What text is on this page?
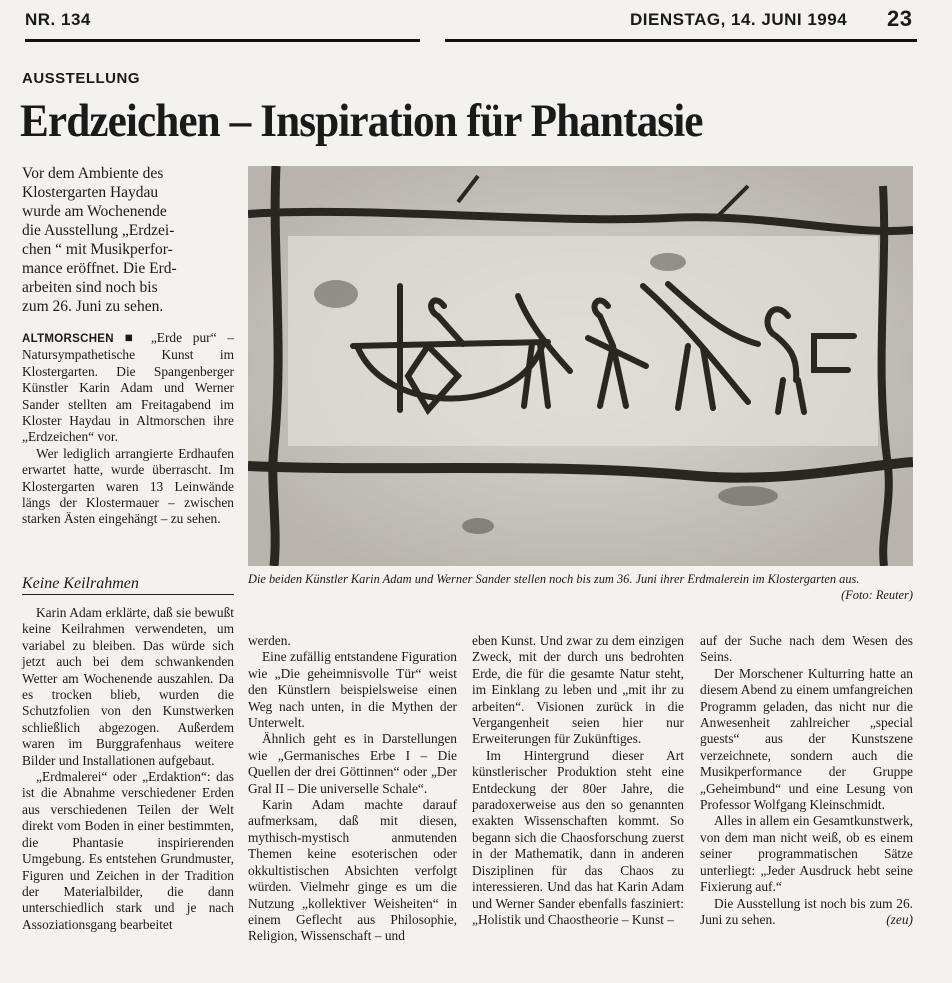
NR. 134	DIENSTAG, 14. JUNI 1994 23
AUSSTELLUNG
Erdzeichen – Inspiration für Phantasie
Vor dem Ambiente des
Klostergarten Haydau
wurde am Wochenende
die Ausstellung „Erdzei-
chen “ mit Musikperfor-
mance eröffnet. Die Erd-
arbeiten sind noch bis
zum 26. Juni zu sehen.

ALTMORSCHEN ■ „Erde pur“ – Natursympathetische Kunst im Klostergarten. Die Spangenberger Künstler Karin Adam und Werner Sander stellten am Freitagabend im Kloster Haydau in Altmorschen ihre „Erdzeichen“ vor.

Wer lediglich arrangierte Erdhaufen erwartet hatte, wurde überrascht. Im Klostergarten waren 13 Leinwände längs der Klostermauer – zwischen starken Ästen eingehängt – zu sehen.

Die beiden Künstler Karin Adam und Werner Sander stellen noch bis zum 36. Juni ihrer Erdmalerein im Klostergarten aus.
(Foto: Reuter)
Keine Keilrahmen

Karin Adam erklärte, daß sie bewußt keine Keilrahmen verwendeten, um variabel zu bleiben. Das würde sich jetzt auch bei dem schwankenden Wetter am Wochenende auszahlen. Da es trocken blieb, wurden die Schutzfolien von den Kunstwerken schließlich abgezogen. Außerdem waren im Burggrafenhaus weitere Bilder und Installationen aufgebaut.

„Erdmalerei“ oder „Erdaktion“: das ist die Abnahme verschiedener Erden aus verschiedenen Teilen der Welt direkt vom Boden in einer bestimmten, die Phantasie inspirierenden Umgebung. Es entstehen Grundmuster, Figuren und Zeichen in der Tradition der Materialbilder, die dann unterschiedlich stark und je nach Assoziationsgang bearbeitet

werden.

Eine zufällig entstandene Figuration wie „Die geheimnisvolle Tür“ weist den Künstlern beispielsweise einen Weg nach unten, in die Mythen der Unterwelt.

Ähnlich geht es in Darstellungen wie „Germanisches Erbe I – Die Quellen der drei Göttinnen“ oder „Der Gral II – Die universelle Schale“.

Karin Adam machte darauf aufmerksam, daß mit diesen, mythisch-mystisch anmutenden Themen keine esoterischen oder okkultistischen Absichten verfolgt würden. Vielmehr ginge es um die Nutzung „kollektiver Weisheiten“ in einem Geflecht aus Philosophie, Religion, Wissenschaft – und

eben Kunst. Und zwar zu dem einzigen Zweck, mit der durch uns bedrohten Erde, die für die gesamte Natur steht, im Einklang zu leben und „mit ihr zu arbeiten“. Visionen zurück in die Vergangenheit seien hier nur Erweiterungen für Zukünftiges.

Im Hintergrund dieser Art künstlerischer Produktion steht eine Entdeckung der 80er Jahre, die paradoxerweise aus den so genannten exakten Wissenschaften kommt. So begann sich die Chaosforschung zuerst in der Mathematik, dann in anderen Disziplinen für das Chaos zu interessieren. Und das hat Karin Adam und Werner Sander ebenfalls fasziniert: „Holistik und Chaostheorie – Kunst –

auf der Suche nach dem Wesen des Seins.

Der Morschener Kulturring hatte an diesem Abend zu einem umfangreichen Programm geladen, das nicht nur die Anwesenheit zahlreicher „special guests“ aus der Kunstszene verzeichnete, sondern auch die Musikperformance der Gruppe „Geheimbund“ und eine Lesung von Professor Wolfgang Kleinschmidt.

Alles in allem ein Gesamtkunstwerk, von dem man nicht weiß, ob es einem seiner programmatischen Sätze unterliegt: „Jeder Ausdruck hebt seine Fixierung auf.“

Die Ausstellung ist noch bis zum 26. Juni zu sehen.	(zeu)
